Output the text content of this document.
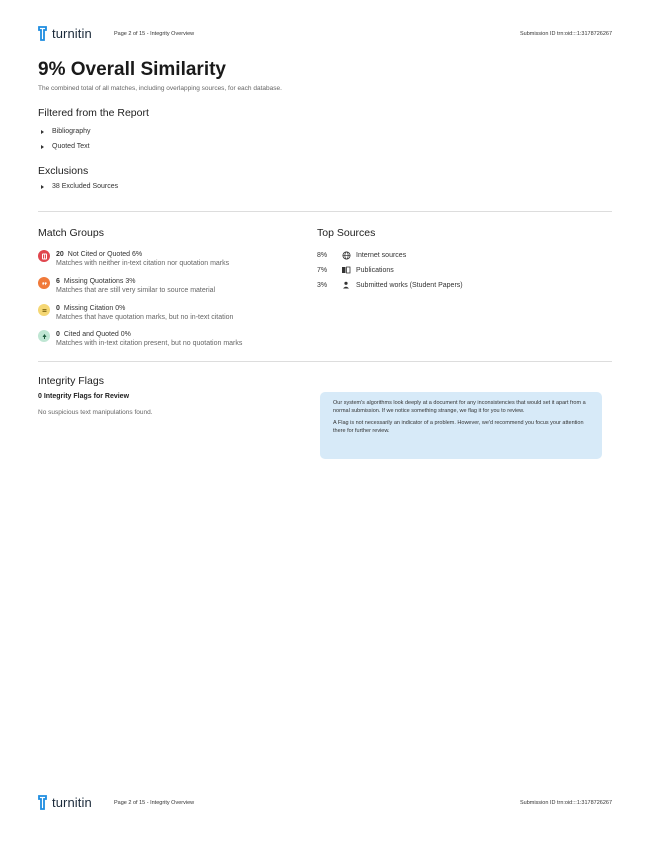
turnitin	Page 2 of 15 - Integrity Overview	Submission ID trn:oid:::1:3178726267
9% Overall Similarity
The combined total of all matches, including overlapping sources, for each database.
Filtered from the Report
Bibliography
Quoted Text
Exclusions
38 Excluded Sources
Match Groups
20 Not Cited or Quoted 6%
Matches with neither in-text citation nor quotation marks
6 Missing Quotations 3%
Matches that are still very similar to source material
0 Missing Citation 0%
Matches that have quotation marks, but no in-text citation
0 Cited and Quoted 0%
Matches with in-text citation present, but no quotation marks
Top Sources
8%	Internet sources
7%	Publications
3%	Submitted works (Student Papers)
Integrity Flags
0 Integrity Flags for Review
No suspicious text manipulations found.

Our system's algorithms look deeply at a document for any inconsistencies that would set it apart from a normal submission. If we notice something strange, we flag it for you to review.

A Flag is not necessarily an indicator of a problem. However, we'd recommend you focus your attention there for further review.

turnitin	Page 2 of 15 - Integrity Overview	Submission ID trn:oid:::1:3178726267
